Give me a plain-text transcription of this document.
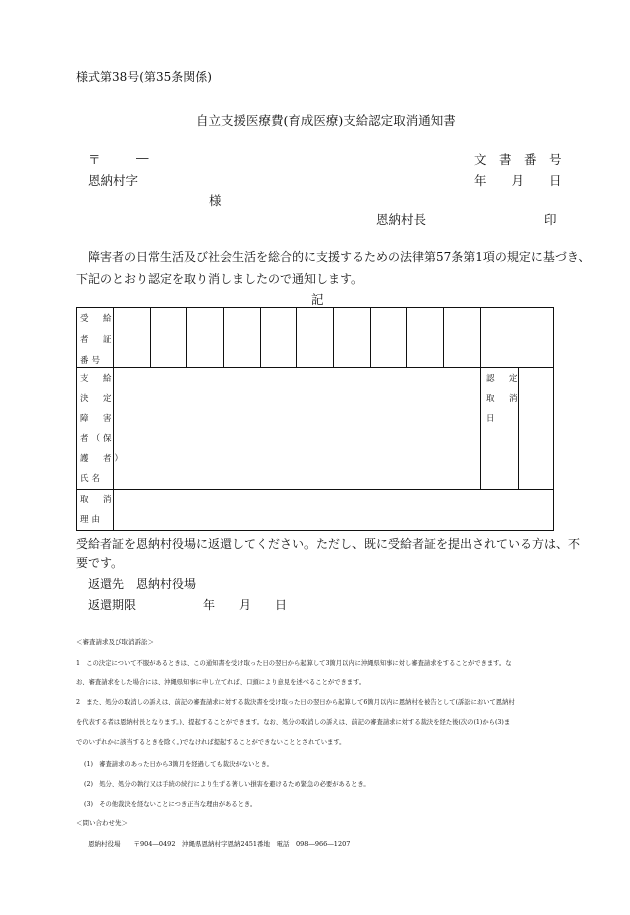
様式第38号(第35条関係)
自立支援医療費(育成医療)支給認定取消通知書
〒	―	文　書　番　号
恩納村字	年　　月　　日
様
恩納村長	印
障害者の日常生活及び社会生活を総合的に支援するための法律第57条第1項の規定に基づき、
下記のとおり認定を取り消しましたので通知します。
記
受　給
者　証
番号
支　給
決　定
障　害
者（保
護　者）
氏名
認　定
取　消
日
取　消
理由
受給者証を恩納村役場に返還してください。ただし、既に受給者証を提出されている方は、不
要です。
返還先　恩納村役場
返還期限	年　　月　　日
＜審査請求及び取消訴訟＞
1　この決定について不服があるときは、この通知書を受け取った日の翌日から起算して3箇月以内に沖縄県知事に対し審査請求をすることができます。な
お、審査請求をした場合には、沖縄県知事に申し立てれば、口頭により意見を述べることができます。
2　また、処分の取消しの訴えは、前記の審査請求に対する裁決書を受け取った日の翌日から起算して6箇月以内に恩納村を被告として(訴訟において恩納村
を代表する者は恩納村長となります。)、提起することができます。なお、処分の取消しの訴えは、前記の審査請求に対する裁決を経た後(次の(1)から(3)ま
でのいずれかに該当するときを除く。)でなければ提起することができないこととされています。
(1)　審査請求のあった日から3箇月を経過しても裁決がないとき。
(2)　処分、処分の執行又は手続の続行により生ずる著しい損害を避けるため緊急の必要があるとき。
(3)　その他裁決を経ないことにつき正当な理由があるとき。
＜問い合わせ先＞
恩納村役場　　〒904―0492　沖縄県恩納村字恩納2451番地　電話　098―966―1207
